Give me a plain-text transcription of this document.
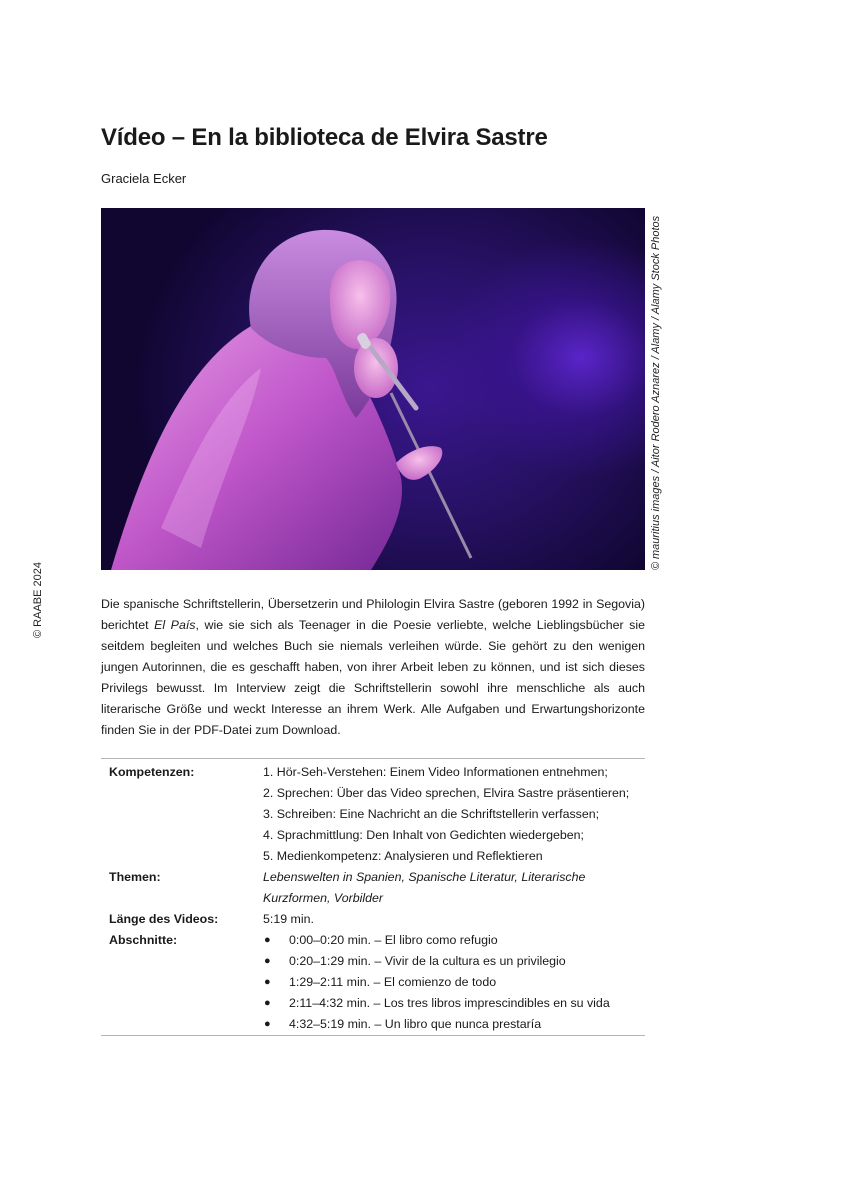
© RAABE 2024
Vídeo – En la biblioteca de Elvira Sastre
Graciela Ecker
© mauritius images / Aitor Rodero Aznarez / Alamy / Alamy Stock Photos

Die spanische Schriftstellerin, Übersetzerin und Philologin Elvira Sastre (geboren 1992 in Segovia) berichtet El País, wie sie sich als Teenager in die Poesie verliebte, welche Lieblingsbücher sie seitdem begleiten und welches Buch sie niemals verleihen würde. Sie gehört zu den wenigen jungen Autorinnen, die es geschafft haben, von ihrer Arbeit leben zu können, und ist sich dieses Privilegs bewusst. Im Interview zeigt die Schriftstellerin sowohl ihre menschliche als auch literarische Größe und weckt Interesse an ihrem Werk. Alle Aufgaben und Erwartungshorizonte finden Sie in der PDF-Datei zum Download.

Kompetenzen:	1. Hör-Seh-Verstehen: Einem Video Informationen entnehmen;
2. Sprechen: Über das Video sprechen, Elvira Sastre präsentieren;
3. Schreiben: Eine Nachricht an die Schriftstellerin verfassen;
4. Sprachmittlung: Den Inhalt von Gedichten wiedergeben;
5. Medienkompetenz: Analysieren und Reflektieren
Themen:	Lebenswelten in Spanien, Spanische Literatur, Literarische Kurzformen, Vorbilder
Länge des Videos:	5:19 min.
Abschnitte:	●	0:00–0:20 min. – El libro como refugio
●	0:20–1:29 min. – Vivir de la cultura es un privilegio
●	1:29–2:11 min. – El comienzo de todo
●	2:11–4:32 min. – Los tres libros imprescindibles en su vida
●	4:32–5:19 min. – Un libro que nunca prestaría
